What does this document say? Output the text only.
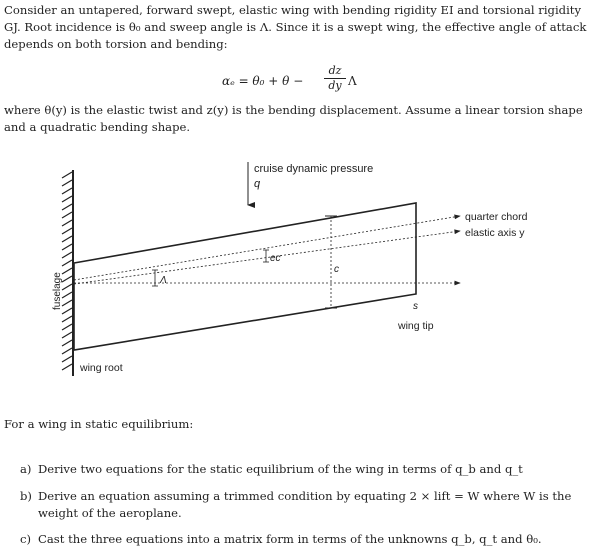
Consider an untapered, forward swept, elastic wing with bending rigidity EI and torsional rigidity
GJ. Root incidence is θ₀ and sweep angle is Λ. Since it is a swept wing, the effective angle of attack
depends on both torsion and bending:
$\alpha_e = \theta_0 + \theta - \frac{dz}{dy}$ Λ
where θ(y) is the elastic twist and z(y) is the bending displacement. Assume a linear torsion shape
and a quadratic bending shape.
fuselage
c
ec
Λ
s
cruise dynamic pressure
q
quarter chord
elastic axis y
wing tip
wing root
For a wing in static equilibrium:
a) Derive two equations for the static equilibrium of the wing in terms of q_b and q_t
b) Derive an equation assuming a trimmed condition by equating 2 × lift = W where W is the
weight of the aeroplane.
c) Cast the three equations into a matrix form in terms of the unknowns q_b, q_t and θ₀.
